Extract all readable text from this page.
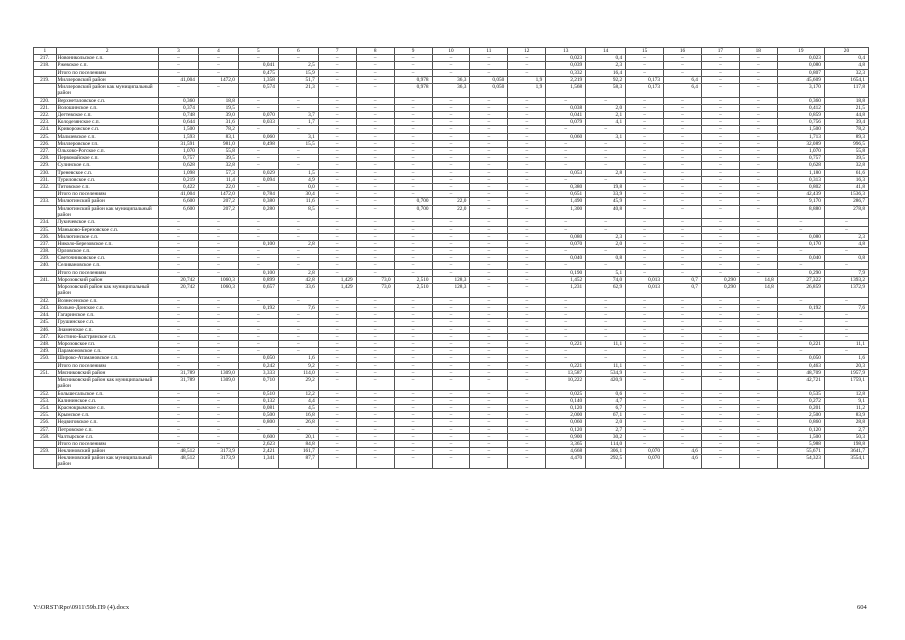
1	2	3	4	5	6	7	8	9	10	11	12	13	14	15	16	17	18	19	20
217.	Новоникольское с.п.	–	–	–	–	–	–	–	–	–	–	0,023	0,4	–	–	–	–	0,023	0,4
218.	Ржевское с.п.	–	–	0,041	2,5	–	–	–	–	–	–	0,039	2,3	–	–	–	–	0,080	4,8
	Итого по поселениям	–	–	0,475	15,9	–	–	–	–	–	–	0,332	16,4	–	–	–	–	0,807	32,3
219.	Миллеровский район	41,004	1472,0	1,358	51,7	–	–	0,978	36,3	0,050	1,9	2,219	92,2	0,173	6,4	–	–	45,609	1654,1
	Миллеровский район как муниципальный район	–	–	0,574	21,3	–	–	0,978	36,3	0,050	1,9	1,568	58,3	0,173	6,4	–	–	3,170	117,8
220.	Верхнеталовское с.п.	0,360	18,8	–	–	–	–	–	–	–	–	–	–	–	–	–	–	0,360	18,8
221.	Волошинское с.п.	0,374	19,5	–	–	–	–	–	–	–	–	0,038	2,0	–	–	–	–	0,412	21,5
222.	Дегтевское с.п.	0,748	39,0	0,070	3,7	–	–	–	–	–	–	0,041	2,1	–	–	–	–	0,859	44,8
223.	Колодезянское с.п.	0,644	31,6	0,033	1,7	–	–	–	–	–	–	0,079	4,1	–	–	–	–	0,756	39,4
224.	Криворожское с.п.	1,500	78,2	–	–	–	–	–	–	–	–	–	–	–	–	–	–	1,500	78,2
225.	Мальчевское с.п.	1,593	83,1	0,060	3,1	–	–	–	–	–	–	0,060	3,1	–	–	–	–	1,713	89,3
226.	Миллеровское г.п.	31,591	981,0	0,498	15,5	–	–	–	–	–	–	–	–	–	–	–	–	32,089	996,5
227.	Ольхово-Рогское с.п.	1,070	55,8	–	–	–	–	–	–	–	–	–	–	–	–	–	–	1,070	55,8
228.	Первомайское с.п.	0,757	39,5	–	–	–	–	–	–	–	–	–	–	–	–	–	–	0,757	39,5
229.	Сулинское с.п.	0,628	32,8	–	–	–	–	–	–	–	–	–	–	–	–	–	–	0,628	32,8
230.	Треневское с.п.	1,098	57,3	0,029	1,5	–	–	–	–	–	–	0,053	2,8	–	–	–	–	1,180	61,6
231.	Туриловское с.п.	0,219	11,4	0,094	4,9	–	–	–	–	–	–	–	–	–	–	–	–	0,313	16,3
232.	Титовское с.п.	0,422	22,0	–	0,0	–	–	–	–	–	–	0,380	19,8	–	–	–	–	0,802	41,8
	Итого по поселениям	41,004	1472,0	0,784	30,4	–	–	–	–	–	–	0,651	33,9	–	–	–	–	42,439	1536,3
233.	Милютинский район	6,600	207,2	0,380	11,6	–	–	0,700	22,0	–	–	1,490	45,9	–	–	–	–	9,170	286,7
	Милютинский район как муниципальный район	6,600	207,2	0,280	8,5	–	–	0,700	22,0	–	–	1,300	40,8	–	–	–	–	8,880	278,8
234.	Лукичевское с.п.	–	–	–	–	–	–	–	–	–	–	–	–	–	–	–	–	–	–
235.	Маньково-Березовское с.п.	–	–	–	–	–	–	–	–	–	–	–	–	–	–	–	–	–	–
236.	Милютинское с.п.	–	–	–	–	–	–	–	–	–	–	0,080	2,3	–	–	–	–	0,080	2,3
237.	Николо-Березовское с.п.	–	–	0,100	2,8	–	–	–	–	–	–	0,070	2,0	–	–	–	–	0,170	4,8
238.	Орловское с.п.	–	–	–	–	–	–	–	–	–	–	–	–	–	–	–	–	–	–
239.	Светочниковское с.п.	–	–	–	–	–	–	–	–	–	–	0,040	0,8	–	–	–	–	0,040	0,8
240.	Селивановское с.п.	–	–	–	–	–	–	–	–	–	–	–	–	–	–	–	–	–	–
	Итого по поселениям	–	–	0,100	2,8	–	–	–	–	–	–	0,190	5,1	–	–	–	–	0,290	7,9
241.	Морозовский район	20,742	1060,3	0,899	42,8	1,429	73,0	2,510	128,3	–	–	1,452	74,0	0,013	0,7	0,290	14,8	27,322	1393,2
	Морозовский район как муниципальный район	20,742	1060,3	0,657	33,6	1,429	73,0	2,510	128,3	–	–	1,231	62,9	0,013	0,7	0,290	14,8	26,859	1372,9
242.	Вознесенское с.п.	–	–	–	–	–	–	–	–	–	–	–	–	–	–	–	–	–	–
243.	Вольно-Донское с.п.	–	–	0,192	7,6	–	–	–	–	–	–	–	–	–	–	–	–	0,192	7,6
244.	Гагаринское с.п.	–	–	–	–	–	–	–	–	–	–	–	–	–	–	–	–	–	–
245.	Грушинское с.п.	–	–	–	–	–	–	–	–	–	–	–	–	–	–	–	–	–	–
246.	Знаменское с.п.	–	–	–	–	–	–	–	–	–	–	–	–	–	–	–	–	–	–
247.	Костино-Быстрянское с.п.	–	–	–	–	–	–	–	–	–	–	–	–	–	–	–	–	–	–
248.	Морозовское г.п.	–	–	–	–	–	–	–	–	–	–	0,221	11,1	–	–	–	–	0,221	11,1
249.	Парамоновское с.п.	–	–	–	–	–	–	–	–	–	–	–	–	–	–	–	–	–	–
250.	Широко-Атамановское с.п.	–	–	0,050	1,6	–	–	–	–	–	–	–	–	–	–	–	–	0,050	1,6
	Итого по поселениям	–	–	0,242	9,2	–	–	–	–	–	–	0,221	11,1	–	–	–	–	0,463	20,3
251.	Мясниковский район	31,789	1309,0	3,333	114,0	–	–	–	–	–	–	13,587	534,9	–	–	–	–	48,709	1957,9
	Мясниковский район как муниципальный район	31,789	1309,0	0,710	29,2	–	–	–	–	–	–	10,222	420,9	–	–	–	–	42,721	1759,1
252.	Большесальское с.п.	–	–	0,510	12,2	–	–	–	–	–	–	0,025	0,6	–	–	–	–	0,535	12,8
253.	Калининское с.п.	–	–	0,132	4,4	–	–	–	–	–	–	0,140	4,7	–	–	–	–	0,272	9,1
254.	Краснокрымское с.п.	–	–	0,081	4,5	–	–	–	–	–	–	0,120	6,7	–	–	–	–	0,201	11,2
255.	Крымское с.п.	–	–	0,500	16,8	–	–	–	–	–	–	2,000	67,1	–	–	–	–	2,500	83,9
256.	Недвиговское с.п.	–	–	0,800	26,8	–	–	–	–	–	–	0,060	2,0	–	–	–	–	0,860	28,8
257.	Петровское с.п.	–	–	–	–	–	–	–	–	–	–	0,120	2,7	–	–	–	–	0,120	2,7
258.	Чалтырское с.п.	–	–	0,600	20,1	–	–	–	–	–	–	0,900	30,2	–	–	–	–	1,500	50,3
	Итого по поселениям	–	–	2,623	84,8	–	–	–	–	–	–	3,365	114,0	–	–	–	–	5,988	198,8
259.	Неклиновский район	48,512	3173,9	2,421	161,7	–	–	–	–	–	–	4,668	306,1	0,070	4,6	–	–	55,671	3641,7
	Неклиновский район как муниципальный район	48,512	3173,9	1,341	87,7	–	–	–	–	–	–	4,470	292,5	0,070	4,6	–	–	54,323	3554,1
Y:\ORST\Rpo\0911\59b.П9 (4).docx	604
